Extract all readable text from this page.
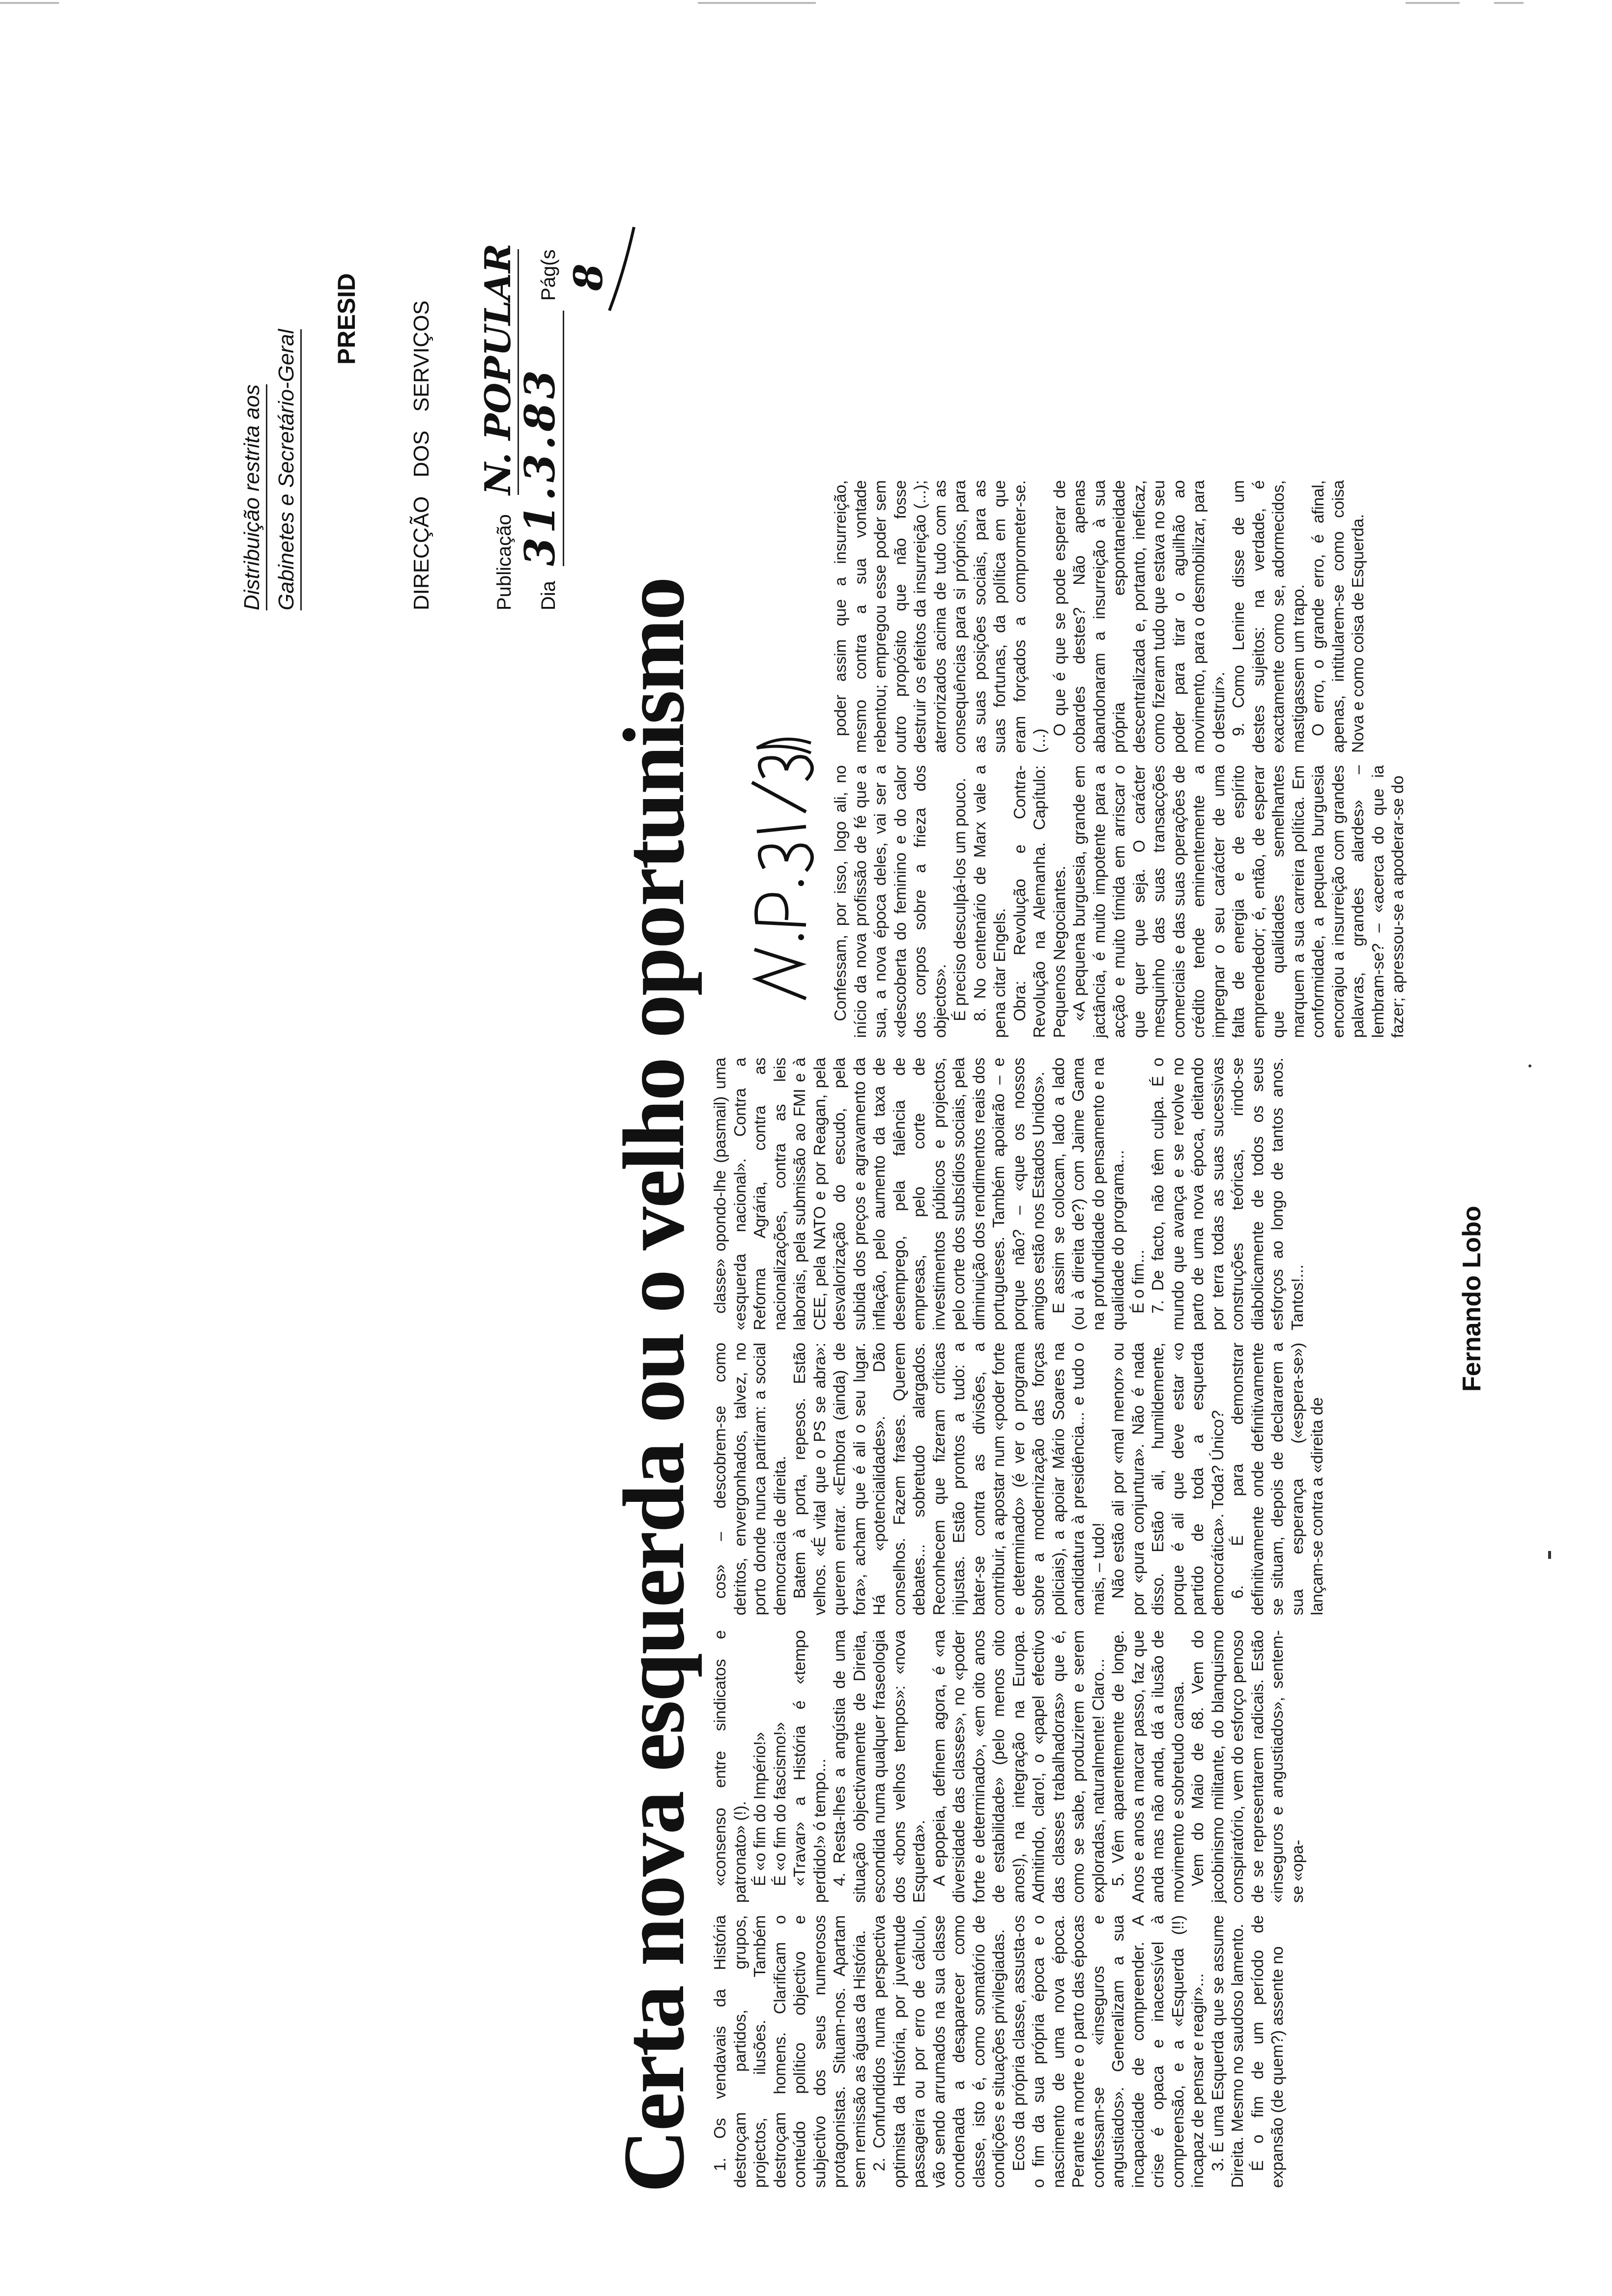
Certa nova esquerda ou o velho oportunismo 1. Os vendavais da História destroçam partidos, grupos, projectos, ilusões. Também destroçam homens. Clarificam o conteúdo político objectivo e subjectivo dos seus numerosos protagonistas. Situam-nos. Apartam sem remissão as águas da História. 2. Confundidos numa perspectiva optimista da História, por juventude passageira ou por erro de cálculo, vão sendo arrumados na sua classe condenada a desaparecer como classe, isto é, como somatório de condições e situações privilegiadas. Ecos da própria classe, assusta-os o fim da sua própria época e o nascimento de uma nova época. Perante a morte e o parto das épocas confessam-se «inseguros e angustiados». Generalizam a sua incapacidade de compreender. A crise é opaca e inacessível à compreensão, e a «Esquerda (!!) incapaz de pensar e reagir»... 3. É uma Esquerda que se assume Direita. Mesmo no saudoso lamento. É o fim de um período de expansão (de quem?) assente no

«consenso entre sindicatos e patronato» (!). É «o fim do Império!» É «o fim do fascismo!» «Travar» a História é «tempo perdido!» ó tempo... 4. Resta-lhes a angústia de uma situação objectivamente de Direita, escondida numa qualquer fraseologia dos «bons velhos tempos»: «nova Esquerda». A epopeia, definem agora, é «na diversidade das classes», no «poder forte e determinado», «em oito anos de estabilidade» (pelo menos oito anos!), na integração na Europa. Admitindo, claro!, o «papel efectivo das classes trabalhadoras» que é, como se sabe, produzirem e serem exploradas, naturalmente! Claro... 5. Vêm aparentemente de longe. Anos e anos a marcar passo, faz que anda mas não anda, dá a ilusão de movimento e sobretudo cansa. Vem do Maio de 68. Vem do jacobinismo militante, do blanquismo conspiratório, vem do esforço penoso de se representarem radicais. Estão «inseguros e angustiados», sentem-se «opa-

cos» – descobrem-se como detritos, envergonhados, talvez, no porto donde nunca partiram: a social democracia de direita. Batem à porta, repesos. Estão velhos. «É vital que o PS se abra»: querem entrar. «Embora (ainda) de fora», acham que é ali o seu lugar. Há «potencialidades». Dão conselhos. Fazem frases. Querem debates... sobretudo alargados. Reconhecem que fizeram críticas injustas. Estão prontos a tudo: a bater-se contra as divisões, a contribuir, a apostar num «poder forte e determinado» (é ver o programa sobre a modernização das forças policiais), a apoiar Mário Soares na candidatura à presidência... e tudo o mais, – tudo! Não estão ali por «mal menor» ou por «pura conjuntura». Não é nada disso. Estão ali, humildemente, porque é ali que deve estar «o partido de toda a esquerda democrática». Toda? Único? 6. É para demonstrar definitivamente onde definitivamente se situam, depois de declararem a sua esperança («espera-se») lançam-se contra a «direita de

classe» opondo-lhe (pasmail) uma «esquerda nacional». Contra a Reforma Agrária, contra as nacionalizações, contra as leis laborais, pela submissão ao FMI e à CEE, pela NATO e por Reagan, pela desvalorização do escudo, pela subida dos preços e agravamento da inflação, pelo aumento da taxa de desemprego, pela falência de empresas, pelo corte de investimentos públicos e projectos, pelo corte dos subsídios sociais, pela diminuição dos rendimentos reais dos portugueses. Também apoiarão – e porque não? – «que os nossos amigos estão nos Estados Unidos». E assim se colocam, lado a lado (ou à direita de?) com Jaime Gama na profundidade do pensamento e na qualidade do programa... É o fim... 7. De facto, não têm culpa. É o mundo que avança e se revolve no parto de uma nova época, deitando por terra todas as suas sucessivas construções teóricas, rindo-se diabolicamente de todos os seus esforços ao longo de tantos anos. Tantos!...

Confessam, por isso, logo ali, no início da nova profissão de fé que a sua, a nova época deles, vai ser a «descoberta do feminino e do calor dos corpos sobre a frieza dos objectos». É preciso desculpá-los um pouco. 8. No centenário de Marx vale a pena citar Engels. Obra: Revolução e Contra-Revolução na Alemanha. Capítulo: Pequenos Negociantes. «A pequena burguesia, grande em jactância, é muito impotente para a acção e muito tímida em arriscar o que quer que seja. O carácter mesquinho das suas transacções comerciais e das suas operações de crédito tende eminentemente a impregnar o seu carácter de uma falta de energia e de espírito empreendedor; é, então, de esperar que qualidades semelhantes marquem a sua carreira política. Em conformidade, a pequena burguesia encorajou a insurreição com grandes palavras, grandes alardes» – lembram-se? – «acerca do que ia fazer; apressou-se a apoderar-se do

poder assim que a insurreição, mesmo contra a sua vontade rebentou; empregou esse poder sem outro propósito que não fosse destruir os efeitos da insurreição (...); aterrorizados acima de tudo com as consequências para si próprios, para as suas posições sociais, para as suas fortunas, da política em que eram forçados a comprometer-se. (...)

O que é que se pode esperar de cobardes destes? Não apenas abandonaram a insurreição à sua própria espontaneidade descentralizada e, portanto, ineficaz, como fizeram tudo que estava no seu poder para tirar o aguilhão ao movimento, para o desmobilizar, para o destruir». 9. Como Lenine disse de um destes sujeitos: na verdade, é exactamente como se, adormecidos, mastigassem um trapo. O erro, o grande erro, é afinal, apenas, intitularem-se como coisa Nova e como coisa de Esquerda.

Fernando Lobo
Distribuição restrita aos Gabinetes e Secretário-Geral
PRESID DIRECÇÃO DOS SERVIÇOS	Publicação
N. POPULAR
Dia
31.3.83
Pág(s 8
